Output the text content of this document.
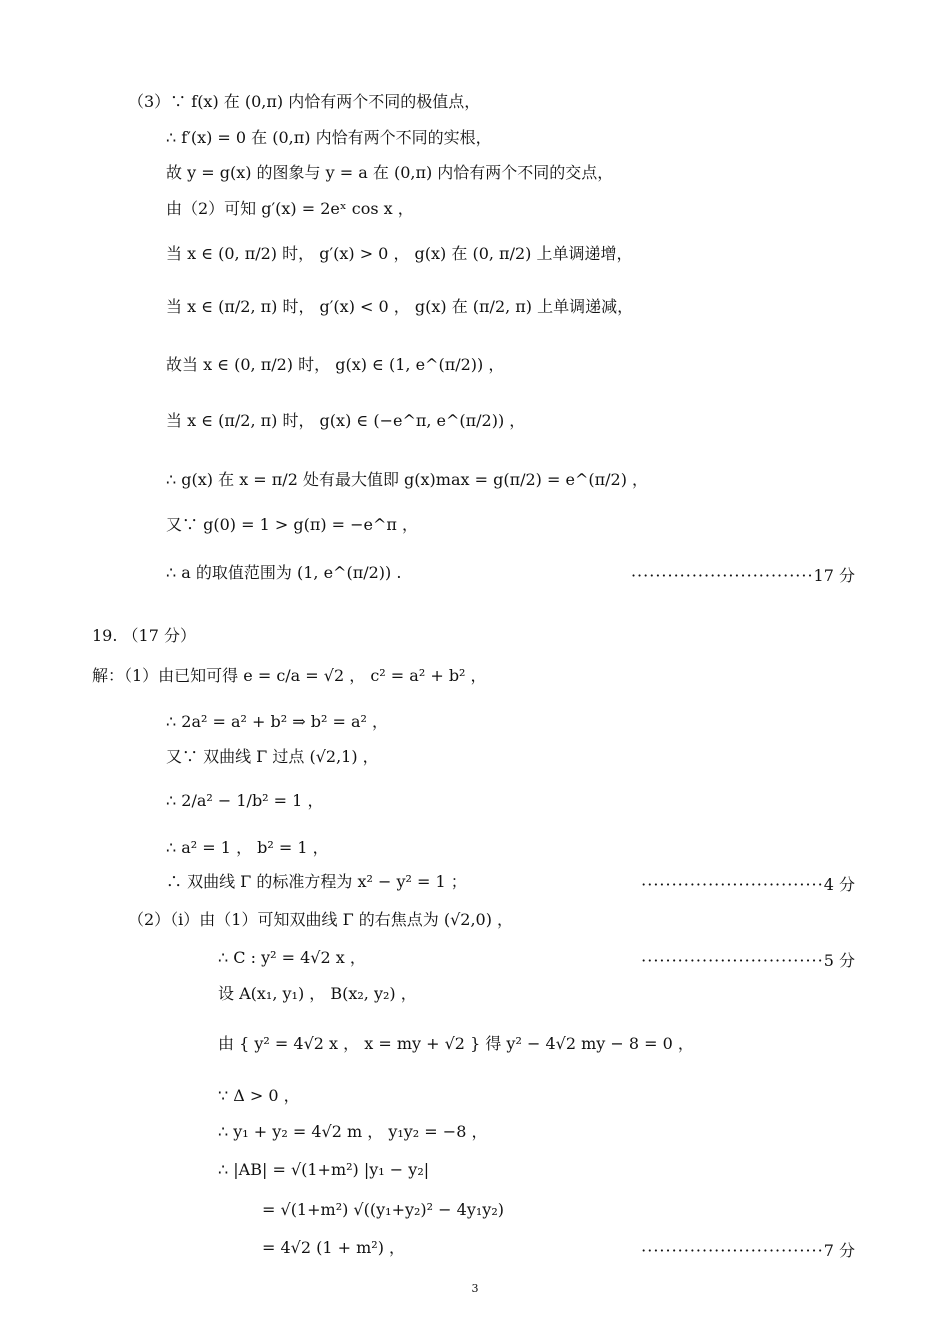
（3）∵ f(x) 在 (0,π) 内恰有两个不同的极值点，
∴ f′(x) = 0 在 (0,π) 内恰有两个不同的实根，
故 y = g(x) 的图象与 y = a 在 (0,π) 内恰有两个不同的交点，
由（2）可知 g′(x) = 2eˣ cos x ，
当 x ∈ (0, π/2) 时， g′(x) > 0 ， g(x) 在 (0, π/2) 上单调递增，
当 x ∈ (π/2, π) 时， g′(x) < 0 ， g(x) 在 (π/2, π) 上单调递减，
故当 x ∈ (0, π/2) 时， g(x) ∈ (1, e^(π/2)) ，
当 x ∈ (π/2, π) 时， g(x) ∈ (−e^π, e^(π/2)) ，
∴ g(x) 在 x = π/2 处有最大值即 g(x)max = g(π/2) = e^(π/2) ，
又∵ g(0) = 1 > g(π) = −e^π ，
∴ a 的取值范围为 (1, e^(π/2)) .	······························17 分
19. （17 分）
解：（1）由已知可得 e = c/a = √2 ， c² = a² + b² ，
∴ 2a² = a² + b² ⇒ b² = a² ，
又∵ 双曲线 Γ 过点 (√2,1) ，
∴ 2/a² − 1/b² = 1 ，
∴ a² = 1 ， b² = 1 ，
∴ 双曲线 Γ 的标准方程为 x² − y² = 1 ；	······························4 分
（2）（ⅰ）由（1）可知双曲线 Γ 的右焦点为 (√2,0) ，
∴ C : y² = 4√2 x ，	······························5 分
设 A(x₁, y₁) ， B(x₂, y₂) ，
由 { y² = 4√2 x ， x = my + √2 } 得 y² − 4√2 my − 8 = 0 ，
∵ Δ > 0 ，
∴ y₁ + y₂ = 4√2 m ， y₁y₂ = −8 ，
∴ |AB| = √(1+m²) |y₁ − y₂|
= √(1+m²) √((y₁+y₂)² − 4y₁y₂)
= 4√2 (1 + m²) ，	······························7 分
3
